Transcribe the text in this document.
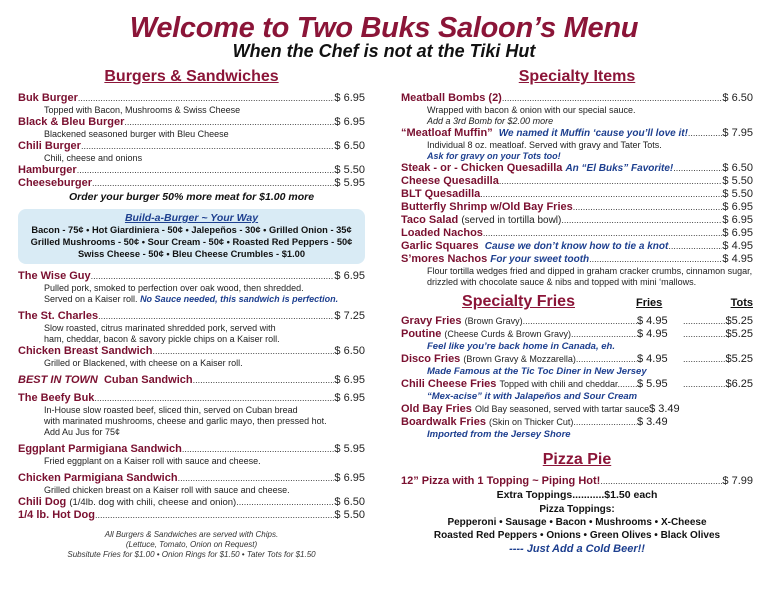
Welcome to Two Buks Saloon’s Menu
When the Chef is not at the Tiki Hut
Burgers & Sandwiches
Buk Burger .....	$ 6.95
Topped with Bacon, Mushrooms & Swiss Cheese
Black & Bleu Burger .....	$ 6.95
Blackened seasoned burger with Bleu Cheese
Chili Burger .....	$ 6.50
Chili, cheese and onions
Hamburger .....	$ 5.50
Cheeseburger .....	$ 5.95
Order your burger 50% more meat for $1.00 more
Build-a-Burger ~ Your Way
Bacon - 75¢ • Hot Giardiniera - 50¢ • Jalepeños - 30¢ • Grilled Onion - 35¢
Grilled Mushrooms - 50¢ • Sour Cream - 50¢ • Roasted Red Peppers - 50¢
Swiss Cheese - 50¢ • Bleu Cheese Crumbles - $1.00
The Wise Guy .....	$ 6.95
Pulled pork, smoked to perfection over oak wood, then shredded.
Served on a Kaiser roll. No Sauce needed, this sandwich is perfection.
The St. Charles .....	$ 7.25
Slow roasted, citrus marinated shredded pork, served with
ham, cheddar, bacon & savory pickle chips on a Kaiser roll.
Chicken Breast Sandwich .....	$ 6.50
Grilled or Blackened, with cheese on a Kaiser roll.
BEST IN TOWN Cuban Sandwich .....	$ 6.95
The Beefy Buk .....	$ 6.95
In-House slow roasted beef, sliced thin, served on Cuban bread
with marinated mushrooms, cheese and garlic mayo, then pressed hot.
Add Au Jus for 75¢
Eggplant Parmigiana Sandwich .....	$ 5.95
Fried eggplant on a Kaiser roll with sauce and cheese.
Chicken Parmigiana Sandwich .....	$ 6.95
Grilled chicken breast on a Kaiser roll with sauce and cheese.
Chili Dog (1/4lb. dog with chili, cheese and onion) .....	$ 6.50
1/4 lb. Hot Dog .....	$ 5.50
All Burgers & Sandwiches are served with Chips.
(Lettuce, Tomato, Onion on Request)
Subsitute Fries for $1.00 • Onion Rings for $1.50 • Tater Tots for $1.50
Specialty Items
Meatball Bombs (2) .....	$ 6.50
Wrapped with bacon & onion with our special sauce.
Add a 3rd Bomb for $2.00 more
“Meatloaf Muffin” We named it Muffin ‘cause you’ll love it! .....	$ 7.95
Individual 8 oz. meatloaf. Served with gravy and Tater Tots.
Ask for gravy on your Tots too!
Steak - or - Chicken Quesadilla An “El Buks” Favorite! .....	$ 6.50
Cheese Quesadilla .....	$ 5.50
BLT Quesadilla .....	$ 5.50
Butterfly Shrimp w/Old Bay Fries .....	$ 6.95
Taco Salad (served in tortilla bowl) .....	$ 6.95
Loaded Nachos .....	$ 6.95
Garlic Squares Cause we don’t know how to tie a knot .....	$ 4.95
S’mores Nachos For your sweet tooth .....	$ 4.95
Flour tortilla wedges fried and dipped in graham cracker crumbs, cinnamon sugar,
drizzled with chocolate sauce & nibs and topped with mini ‘mallows.
Specialty Fries	Fries	Tots
Gravy Fries (Brown Gravy) .....	$ 4.95 .....	$5.25
Poutine (Cheese Curds & Brown Gravy) .....	$ 4.95 .....	$5.25
Feel like you’re back home in Canada, eh.
Disco Fries (Brown Gravy & Mozzarella) .....	$ 4.95 .....	$5.25
Made Famous at the Tic Toc Diner in New Jersey
Chili Cheese Fries Topped with chili and cheddar. ..... $ 5.95 .....	$6.25
“Mex-acise” it with Jalapeños and Sour Cream
Old Bay Fries Old Bay seasoned, served with tartar sauce $ 3.49
Boardwalk Fries (Skin on Thicker Cut) .....	$ 3.49
Imported from the Jersey Shore
Pizza Pie
12” Pizza with 1 Topping ~ Piping Hot! .....	$ 7.99
Extra Toppings...........$1.50 each
Pizza Toppings:
Pepperoni • Sausage • Bacon • Mushrooms • X-Cheese
Roasted Red Peppers • Onions • Green Olives • Black Olives
---- Just Add a Cold Beer!!
